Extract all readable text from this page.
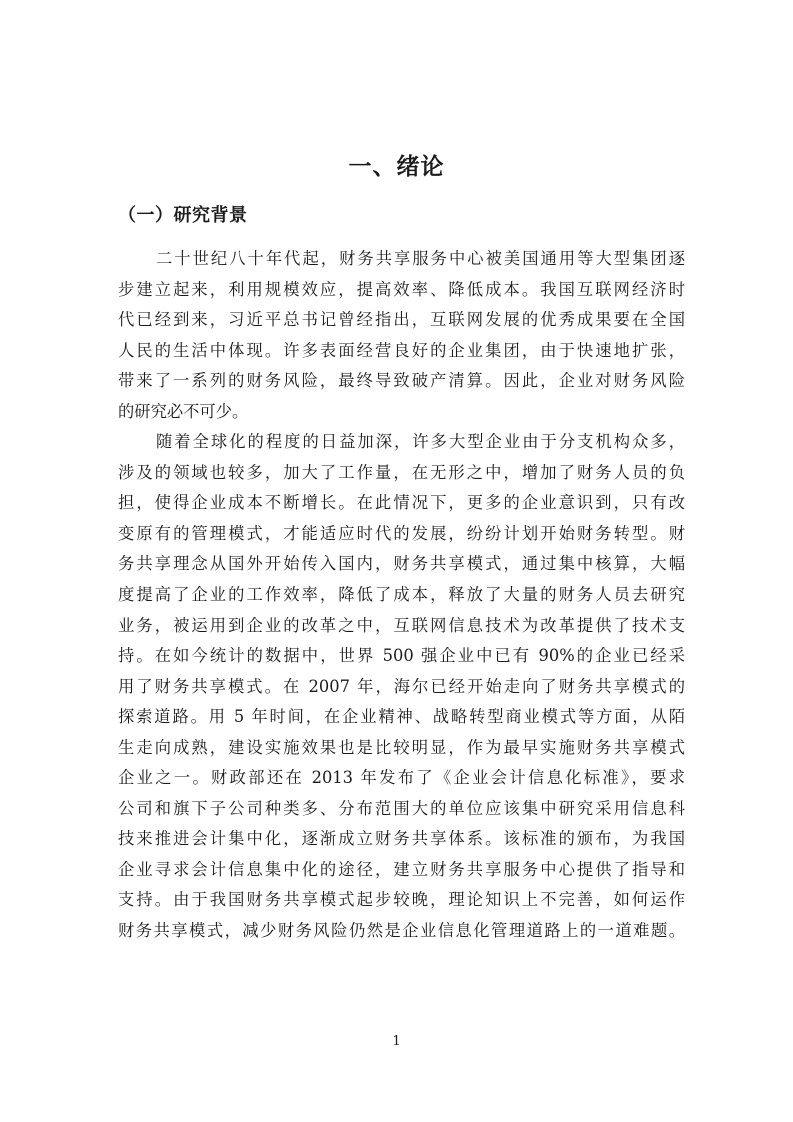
一、绪论
（一）研究背景

二十世纪八十年代起，财务共享服务中心被美国通用等大型集团逐
步建立起来，利用规模效应，提高效率、降低成本。我国互联网经济时
代已经到来，习近平总书记曾经指出，互联网发展的优秀成果要在全国
人民的生活中体现。许多表面经营良好的企业集团，由于快速地扩张，
带来了一系列的财务风险，最终导致破产清算。因此，企业对财务风险
的研究必不可少。

随着全球化的程度的日益加深，许多大型企业由于分支机构众多，
涉及的领域也较多，加大了工作量，在无形之中，增加了财务人员的负
担，使得企业成本不断增长。在此情况下，更多的企业意识到，只有改
变原有的管理模式，才能适应时代的发展，纷纷计划开始财务转型。财
务共享理念从国外开始传入国内，财务共享模式，通过集中核算，大幅
度提高了企业的工作效率，降低了成本，释放了大量的财务人员去研究
业务，被运用到企业的改革之中，互联网信息技术为改革提供了技术支
持。在如今统计的数据中，世界 500 强企业中已有 90%的企业已经采
用了财务共享模式。在 2007 年，海尔已经开始走向了财务共享模式的
探索道路。用 5 年时间，在企业精神、战略转型商业模式等方面，从陌
生走向成熟，建设实施效果也是比较明显，作为最早实施财务共享模式
企业之一。财政部还在 2013 年发布了《企业会计信息化标准》，要求
公司和旗下子公司种类多、分布范围大的单位应该集中研究采用信息科
技来推进会计集中化，逐渐成立财务共享体系。该标准的颁布，为我国
企业寻求会计信息集中化的途径，建立财务共享服务中心提供了指导和
支持。由于我国财务共享模式起步较晚，理论知识上不完善，如何运作
财务共享模式，减少财务风险仍然是企业信息化管理道路上的一道难题。

1
